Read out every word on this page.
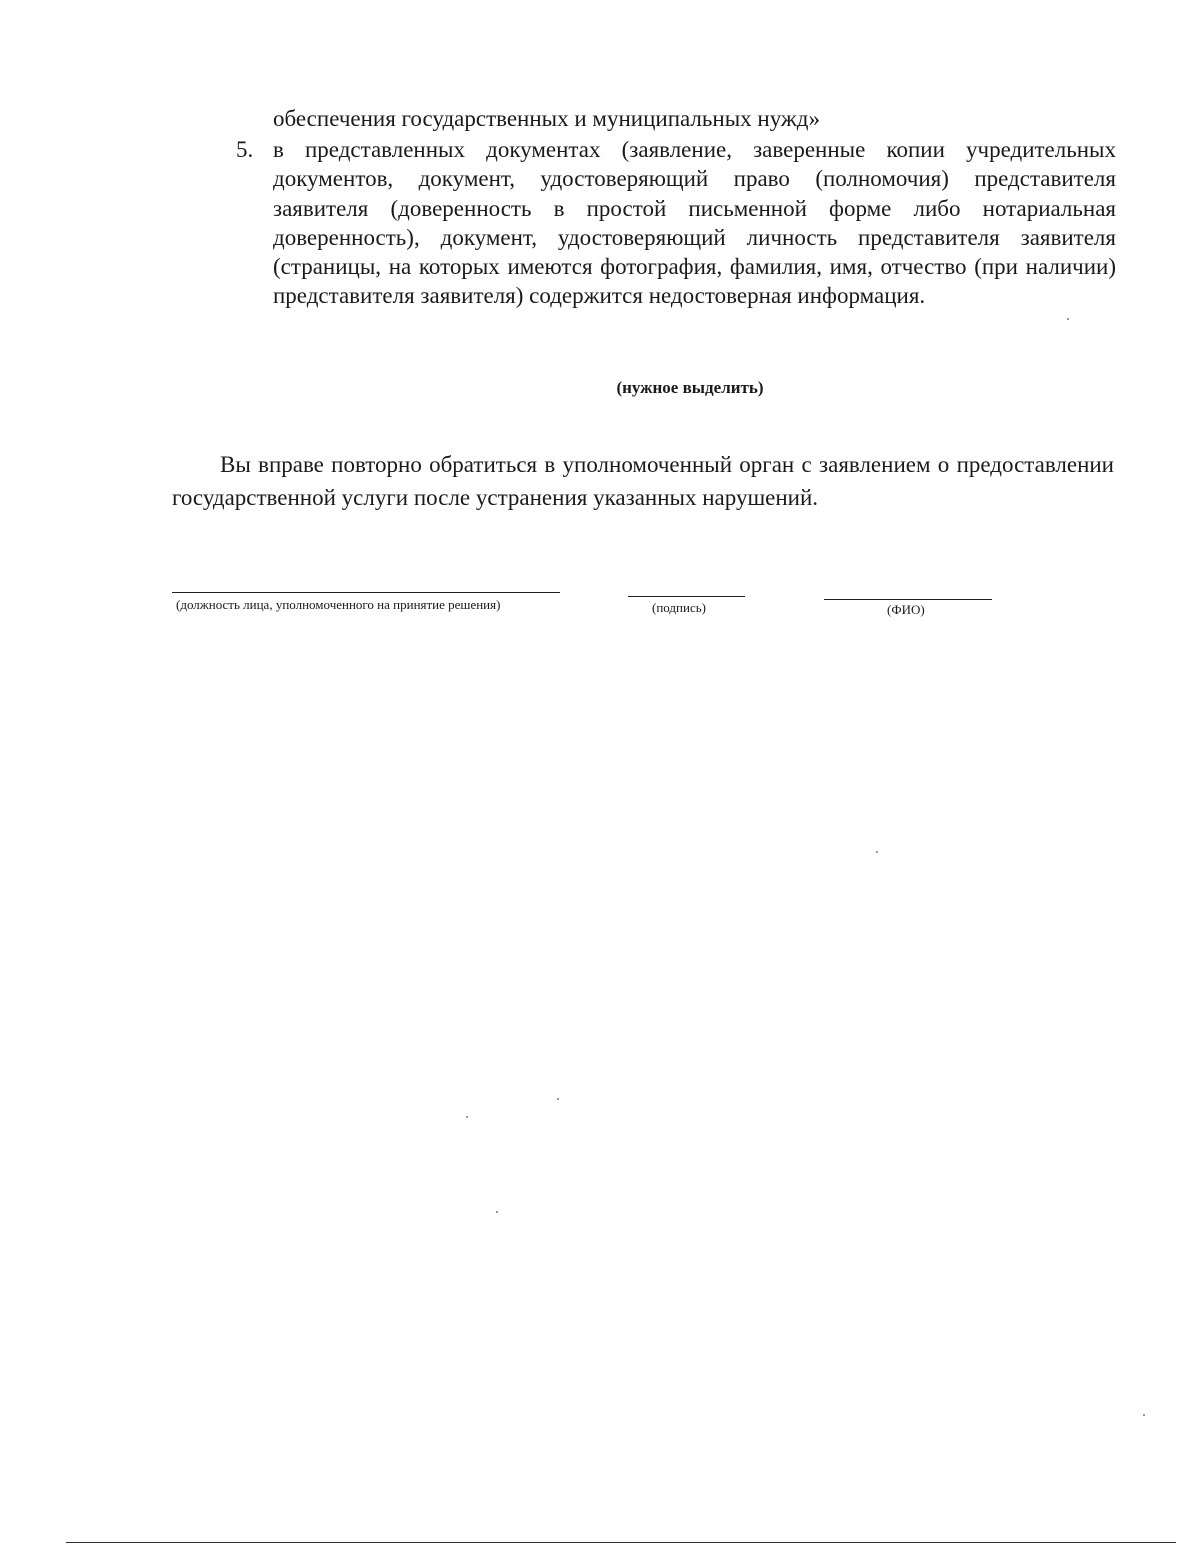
обеспечения государственных и муниципальных нужд»
5. в представленных документах (заявление, заверенные копии учредительных документов, документ, удостоверяющий право (полномочия) представителя заявителя (доверенность в простой письменной форме либо нотариальная доверенность), документ, удостоверяющий личность представителя заявителя (страницы, на которых имеются фотография, фамилия, имя, отчество (при наличии) представителя заявителя) содержится недостоверная информация.
(нужное выделить)
Вы вправе повторно обратиться в уполномоченный орган с заявлением о предоставлении государственной услуги после устранения указанных нарушений.
(должность лица, уполномоченного на принятие решения)	(подпись)	(ФИО)
